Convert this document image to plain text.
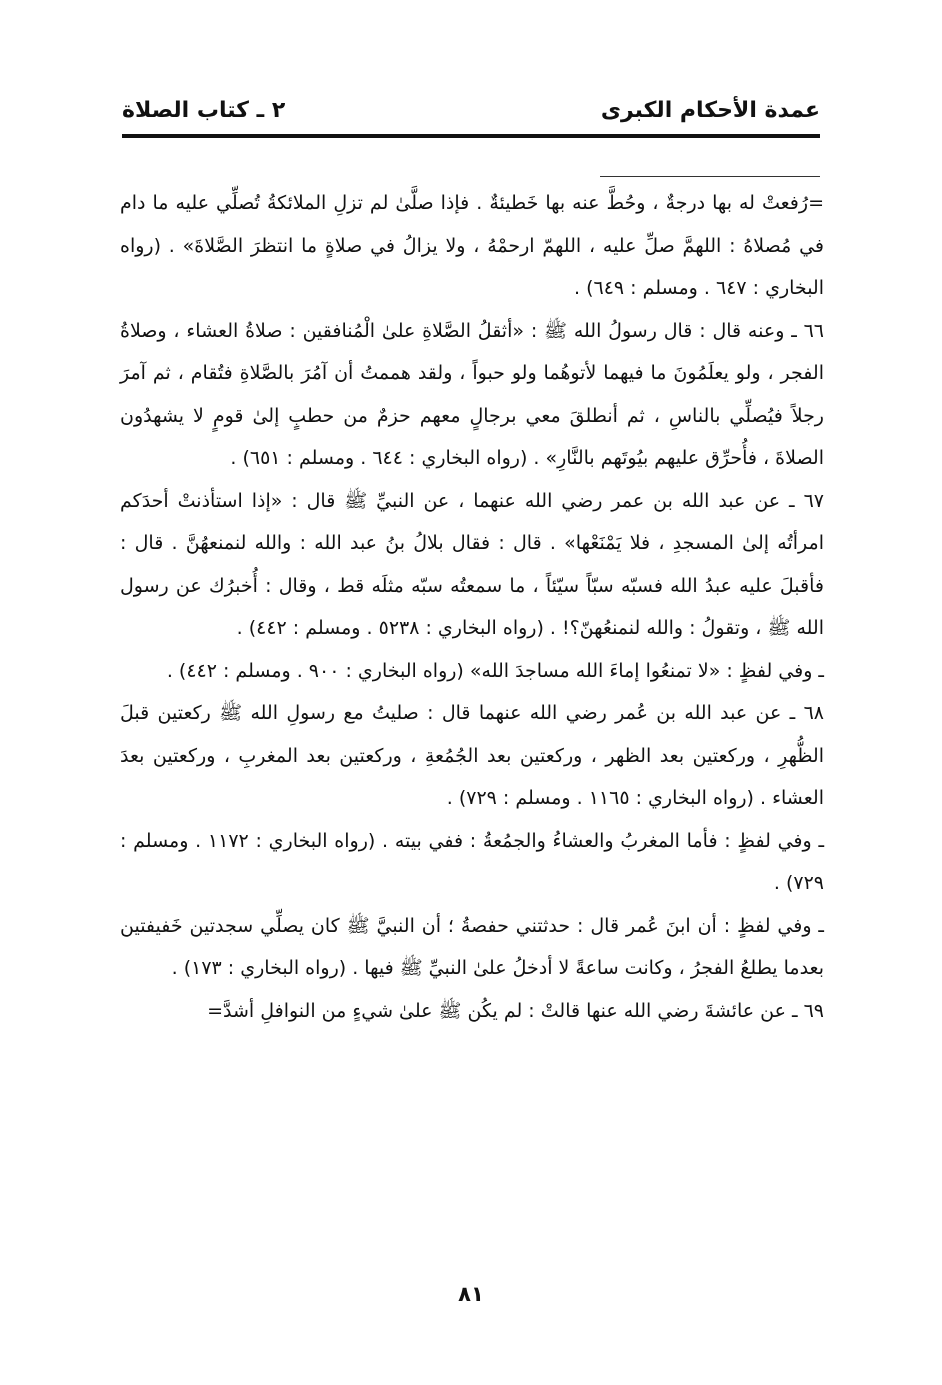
عمدة الأحكام الكبرى
٢ ـ كتاب الصلاة

=رُفعتْ له بها درجةٌ ، وحُطَّ عنه بها خَطيئةٌ . فإذا صلَّىٰ لم تزلِ الملائكةُ تُصلِّي عليه ما دام في مُصلاهُ : اللهمَّ صلِّ عليه ، اللهمّ ارحمْهُ ، ولا يزالُ في صلاةٍ ما انتظرَ الصَّلاةَ» . (رواه البخاري : ٦٤٧ . ومسلم : ٦٤٩) .

٦٦ ـ وعنه قال : قال رسولُ الله ﷺ : «أثقلُ الصَّلاةِ علىٰ الْمُنافقين : صلاةُ العشاء ، وصلاةُ الفجر ، ولو يعلَمُونَ ما فيهما لأتوهُما ولو حبواً ، ولقد هممتُ أن آمُرَ بالصَّلاةِ فتُقام ، ثم آمرَ رجلاً فيُصلِّي بالناسِ ، ثم أنطلقَ معي برجالٍ معهم حزمٌ من حطبٍ إلىٰ قومٍ لا يشهدُون الصلاةَ ، فأُحرِّق عليهم بيُوتَهم بالنَّارِ» . (رواه البخاري : ٦٤٤ . ومسلم : ٦٥١) .

٦٧ ـ عن عبد الله بن عمر رضي الله عنهما ، عن النبيِّ ﷺ قال : «إذا استأذنتْ أحدَكم امرأتُه إلىٰ المسجدِ ، فلا يَمْنَعْها» . قال : فقال بلالُ بنُ عبد الله : والله لنمنعهُنَّ . قال : فأقبلَ عليه عبدُ الله فسبّه سبّاً سيّئاً ، ما سمعتُه سبّه مثلَه قط ، وقال : أُخبرُك عن رسول الله ﷺ ، وتقولُ : والله لنمنعُهنّ؟! . (رواه البخاري : ٥٢٣٨ . ومسلم : ٤٤٢) .

ـ وفي لفظٍ : «لا تمنعُوا إماءَ الله مساجدَ الله» (رواه البخاري : ٩٠٠ . ومسلم : ٤٤٢) .

٦٨ ـ عن عبد الله بن عُمر رضي الله عنهما قال : صليتُ مع رسولِ الله ﷺ ركعتين قبلَ الظُّهرِ ، وركعتين بعد الظهر ، وركعتين بعد الجُمُعةِ ، وركعتين بعد المغربِ ، وركعتين بعدَ العشاء . (رواه البخاري : ١١٦٥ . ومسلم : ٧٢٩) .

ـ وفي لفظٍ : فأما المغربُ والعشاءُ والجمُعةُ : ففي بيته . (رواه البخاري : ١١٧٢ . ومسلم : ٧٢٩) .

ـ وفي لفظٍ : أن ابنَ عُمر قال : حدثتني حفصةُ ؛ أن النبيَّ ﷺ كان يصلِّي سجدتين خَفيفتين بعدما يطلعُ الفجرُ ، وكانت ساعةً لا أدخلُ علىٰ النبيِّ ﷺ فيها . (رواه البخاري : ١٧٣) .

٦٩ ـ عن عائشةَ رضي الله عنها قالتْ : لم يكُن ﷺ علىٰ شيءٍ من النوافلِ أشدَّ=

٨١
